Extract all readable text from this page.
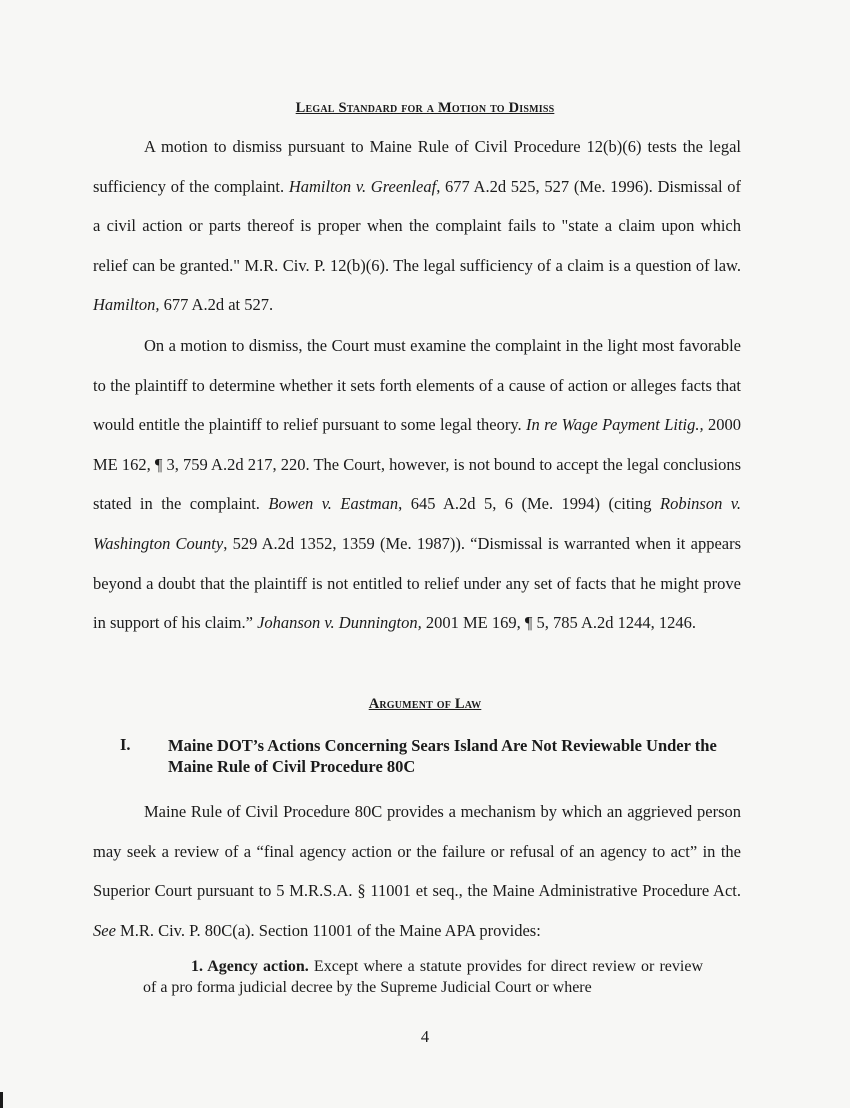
Legal Standard for a Motion to Dismiss

A motion to dismiss pursuant to Maine Rule of Civil Procedure 12(b)(6) tests the legal sufficiency of the complaint. Hamilton v. Greenleaf, 677 A.2d 525, 527 (Me. 1996). Dismissal of a civil action or parts thereof is proper when the complaint fails to "state a claim upon which relief can be granted." M.R. Civ. P. 12(b)(6). The legal sufficiency of a claim is a question of law. Hamilton, 677 A.2d at 527.

On a motion to dismiss, the Court must examine the complaint in the light most favorable to the plaintiff to determine whether it sets forth elements of a cause of action or alleges facts that would entitle the plaintiff to relief pursuant to some legal theory. In re Wage Payment Litig., 2000 ME 162, ¶ 3, 759 A.2d 217, 220. The Court, however, is not bound to accept the legal conclusions stated in the complaint. Bowen v. Eastman, 645 A.2d 5, 6 (Me. 1994) (citing Robinson v. Washington County, 529 A.2d 1352, 1359 (Me. 1987)). “Dismissal is warranted when it appears beyond a doubt that the plaintiff is not entitled to relief under any set of facts that he might prove in support of his claim.” Johanson v. Dunnington, 2001 ME 169, ¶ 5, 785 A.2d 1244, 1246.

Argument of Law
I. Maine DOT’s Actions Concerning Sears Island Are Not Reviewable Under the Maine Rule of Civil Procedure 80C

Maine Rule of Civil Procedure 80C provides a mechanism by which an aggrieved person may seek a review of a “final agency action or the failure or refusal of an agency to act” in the Superior Court pursuant to 5 M.R.S.A. § 11001 et seq., the Maine Administrative Procedure Act. See M.R. Civ. P. 80C(a). Section 11001 of the Maine APA provides:

1. Agency action. Except where a statute provides for direct review or review of a pro forma judicial decree by the Supreme Judicial Court or where
4
